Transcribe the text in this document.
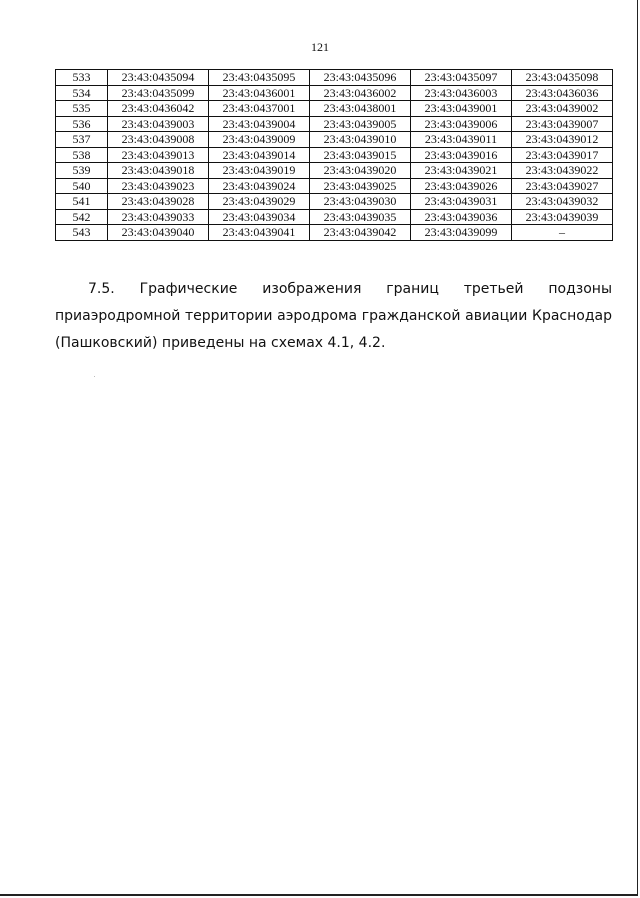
121
533	23:43:0435094	23:43:0435095	23:43:0435096	23:43:0435097	23:43:0435098
534	23:43:0435099	23:43:0436001	23:43:0436002	23:43:0436003	23:43:0436036
535	23:43:0436042	23:43:0437001	23:43:0438001	23:43:0439001	23:43:0439002
536	23:43:0439003	23:43:0439004	23:43:0439005	23:43:0439006	23:43:0439007
537	23:43:0439008	23:43:0439009	23:43:0439010	23:43:0439011	23:43:0439012
538	23:43:0439013	23:43:0439014	23:43:0439015	23:43:0439016	23:43:0439017
539	23:43:0439018	23:43:0439019	23:43:0439020	23:43:0439021	23:43:0439022
540	23:43:0439023	23:43:0439024	23:43:0439025	23:43:0439026	23:43:0439027
541	23:43:0439028	23:43:0439029	23:43:0439030	23:43:0439031	23:43:0439032
542	23:43:0439033	23:43:0439034	23:43:0439035	23:43:0439036	23:43:0439039
543	23:43:0439040	23:43:0439041	23:43:0439042	23:43:0439099	–

7.5. Графические изображения границ третьей подзоны приаэродромной территории аэродрома гражданской авиации Краснодар (Пашковский) приведены на схемах 4.1, 4.2.
